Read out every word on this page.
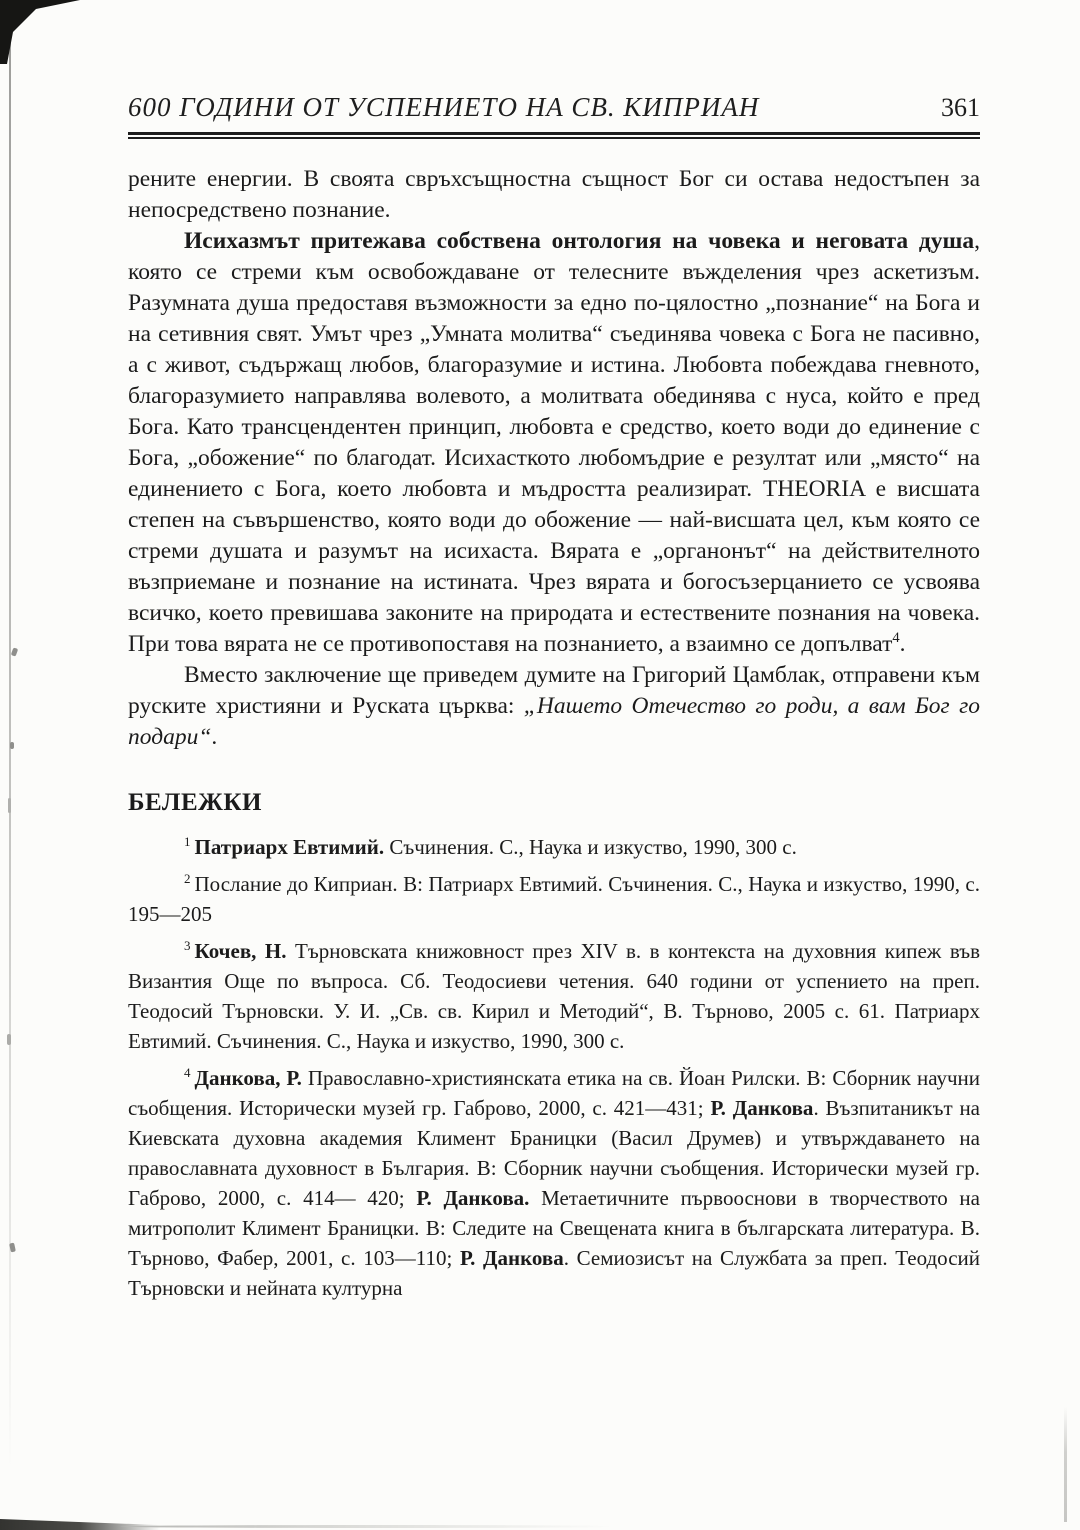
600 ГОДИНИ ОТ УСПЕНИЕТО НА СВ. КИПРИАН	361

рените енергии. В своята свръхсъщностна същност Бог си остава недостъпен за непосредствено познание.

Исихазмът притежава собствена онтология на човека и неговата душа, която се стреми към освобождаване от телесните въжделения чрез аскетизъм. Разумната душа предоставя възможности за едно по-цялостно „познание“ на Бога и на сетивния свят. Умът чрез „Умната молитва“ съединява човека с Бога не пасивно, а с живот, съдържащ любов, благоразумие и истина. Любовта побеждава гневното, благоразумието направлява волевото, а молитвата обединява с нуса, който е пред Бога. Като трансцендентен принцип, любовта е средство, което води до единение с Бога, „обожение“ по благодат. Исихасткото любомъдрие е резултат или „място“ на единението с Бога, което любовта и мъдростта реализират. THEORIA е висшата степен на съвършенство, която води до обожение — най-висшата цел, към която се стреми душата и разумът на исихаста. Вярата е „органонът“ на действителното възприемане и познание на истината. Чрез вярата и богосъзерцанието се усвоява всичко, което превишава законите на природата и естествените познания на човека. При това вярата не се противопоставя на познанието, а взаимно се допълват$^4$.

Вместо заключение ще приведем думите на Григорий Цамблак, отправени към руските християни и Руската църква: „Нашето Отечество го роди, а вам Бог го подари“.

БЕЛЕЖКИ

$^1$ Патриарх Евтимий. Съчинения. С., Наука и изкуство, 1990, 300 с.

$^2$ Послание до Киприан. В: Патриарх Евтимий. Съчинения. С., Наука и изкуство, 1990, с. 195—205

$^3$ Кочев, Н. Търновската книжовност през XIV в. в контекста на духовния кипеж във Византия Още по въпроса. Сб. Теодосиеви четения. 640 години от успението на преп. Теодосий Търновски. У. И. „Св. св. Кирил и Методий“, В. Търново, 2005 с. 61. Патриарх Евтимий. Съчинения. С., Наука и изкуство, 1990, 300 с.

$^4$ Данкова, Р. Православно-християнската етика на св. Йоан Рилски. В: Сборник научни съобщения. Исторически музей гр. Габрово, 2000, с. 421—431; Р. Данкова. Възпитаникът на Киевската духовна академия Климент Браницки (Васил Друмев) и утвърждаването на православната духовност в България. В: Сборник научни съобщения. Исторически музей гр. Габрово, 2000, с. 414— 420; Р. Данкова. Метаетичните първооснови в творчеството на митрополит Климент Браницки. В: Следите на Свещената книга в българската литература. В. Търново, Фабер, 2001, с. 103—110; Р. Данкова. Семиозисът на Службата за преп. Теодосий Търновски и нейната културна
